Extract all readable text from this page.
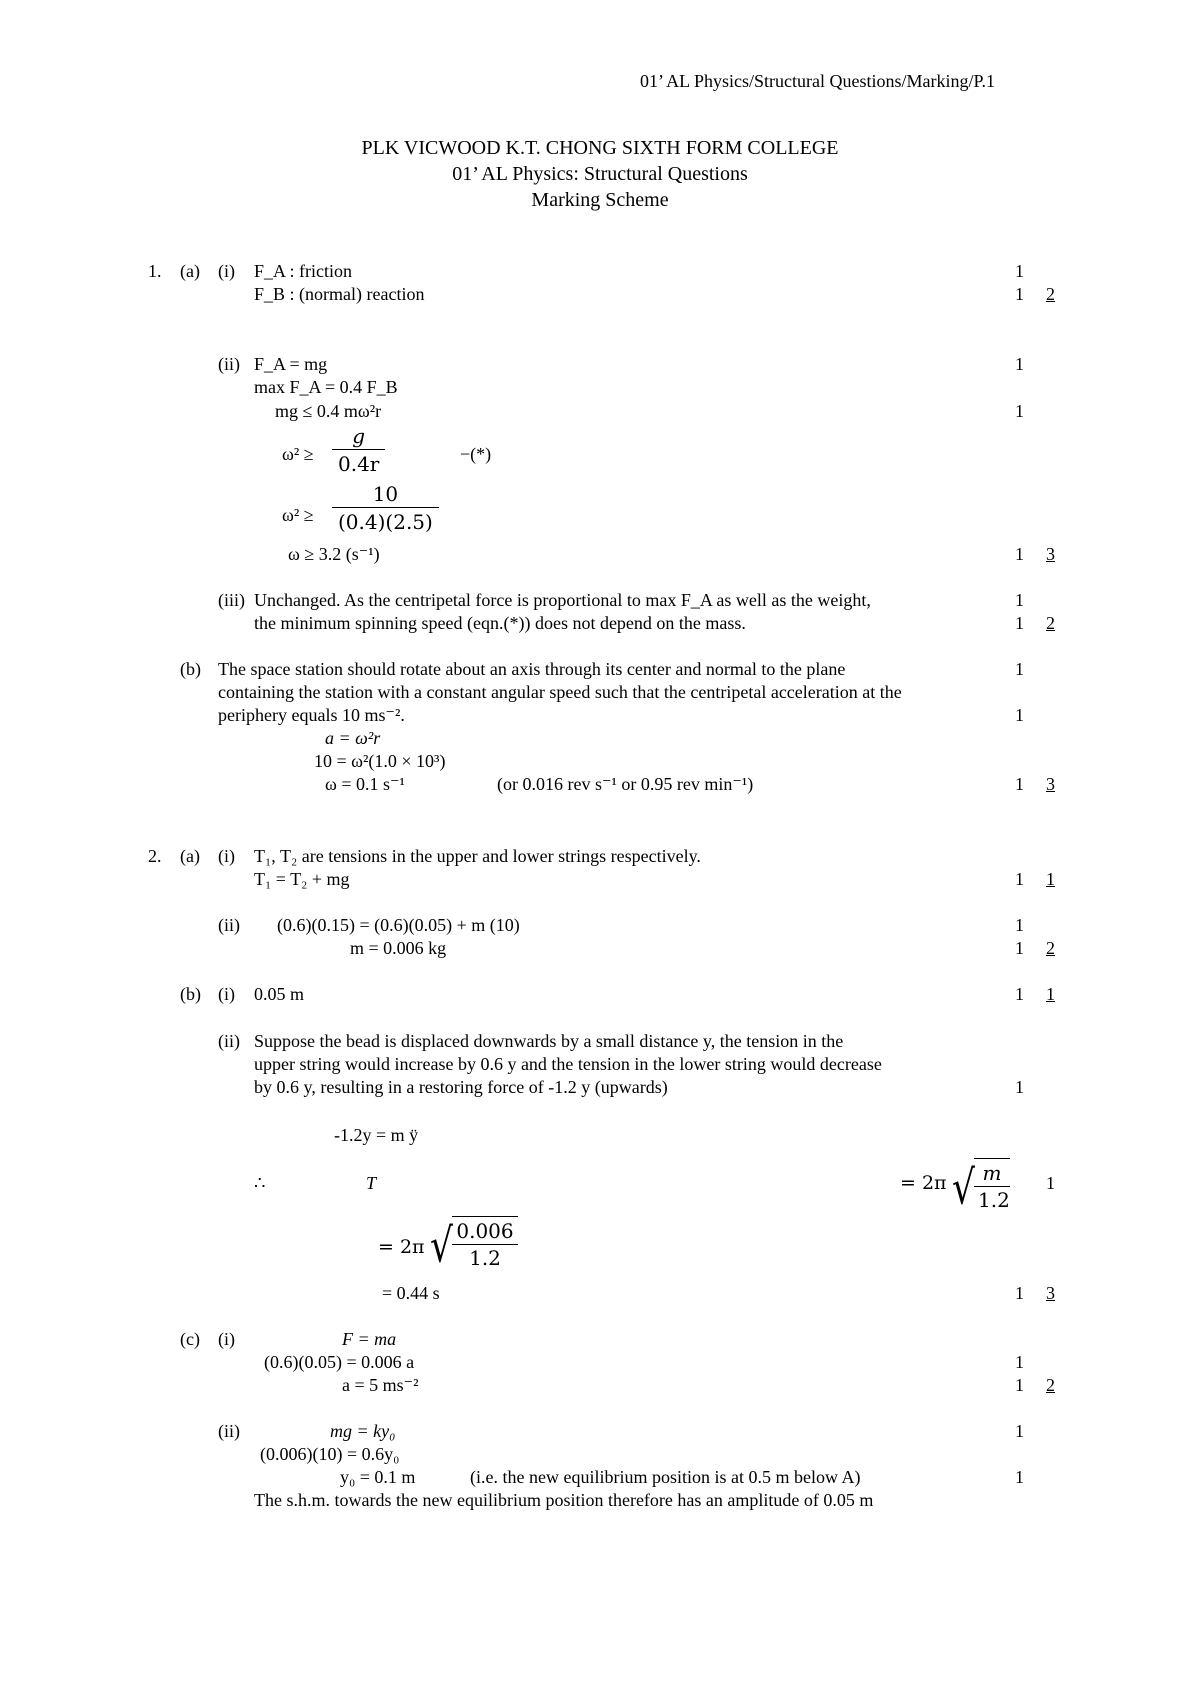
01’ AL Physics/Structural Questions/Marking/P.1
PLK VICWOOD K.T. CHONG SIXTH FORM COLLEGE
01’ AL Physics: Structural Questions
Marking Scheme
1. (a) (i) F_A : friction	1
F_B : (normal) reaction	1 2
(ii) F_A = mg	1
max F_A = 0.4 F_B
mg ≤ 0.4 mω²r	1
$\omega^2 \ge \frac{g}{0.4r}$	−(*)
$\omega^2 \ge \frac{10}{(0.4)(2.5)}$
ω ≥ 3.2 (s⁻¹)	1 3
(iii) Unchanged. As the centripetal force is proportional to max F_A as well as the weight,	1
the minimum spinning speed (eqn.(*)) does not depend on the mass.	1 2
(b) The space station should rotate about an axis through its center and normal to the plane	1
containing the station with a constant angular speed such that the centripetal acceleration at the
periphery equals 10 ms⁻².	1
a = ω²r
10 = ω²(1.0 × 10³)
ω = 0.1 s⁻¹	(or 0.016 rev s⁻¹ or 0.95 rev min⁻¹)	1 3
2. (a) (i) T₁, T₂ are tensions in the upper and lower strings respectively.
T₁ = T₂ + mg	1 1
(ii) (0.6)(0.15) = (0.6)(0.05) + m (10)	1
m = 0.006 kg	1 2
(b) (i) 0.05 m	1 1
(ii) Suppose the bead is displaced downwards by a small distance y, the tension in the
upper string would increase by 0.6 y and the tension in the lower string would decrease
by 0.6 y, resulting in a restoring force of -1.2 y (upwards)	1
-1.2y = m ÿ
∴	T	= 2π √ $\frac{m}{1.2} 1$
= 2π √ $\frac{0.006}{1.2}$
= 0.44 s	1 3
(c) (i)	F = ma
(0.6)(0.05) = 0.006 a	1
a = 5 ms⁻²	1 2
(ii)	mg = ky₀	1
(0.006)(10) = 0.6y₀
y₀ = 0.1 m	(i.e. the new equilibrium position is at 0.5 m below A)	1
The s.h.m. towards the new equilibrium position therefore has an amplitude of 0.05 m
